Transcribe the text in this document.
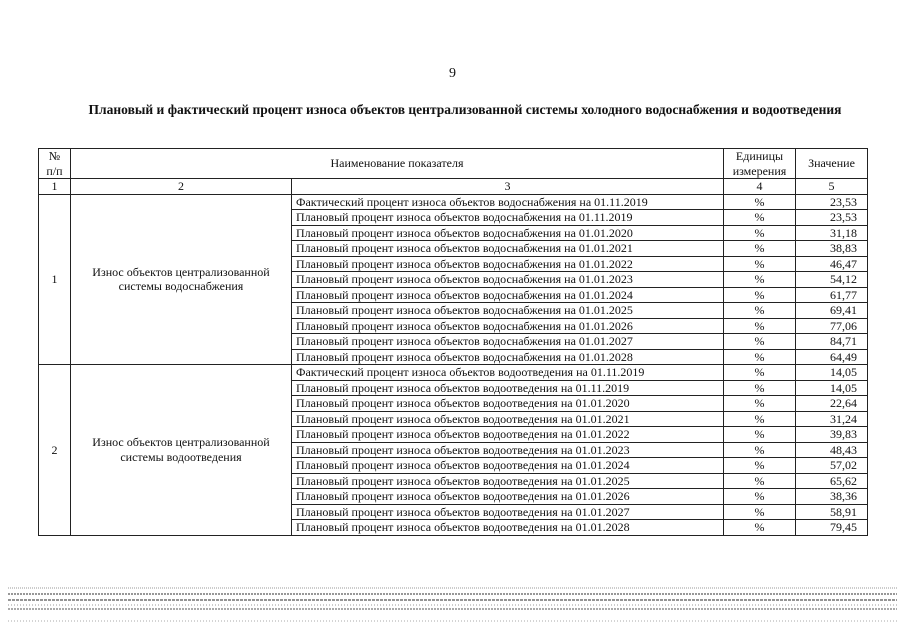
9
Плановый и фактический процент износа объектов централизованной системы холодного водоснабжения и водоотведения
№ п/п	Наименование показателя		Единицы измерения	Значение
1	2	3	4	5
1	Износ объектов централизованной системы водоснабжения	Фактический процент износа объектов водоснабжения на 01.11.2019	%	23,53
		Плановый процент износа объектов водоснабжения на 01.11.2019	%	23,53
		Плановый процент износа объектов водоснабжения на 01.01.2020	%	31,18
		Плановый процент износа объектов водоснабжения на 01.01.2021	%	38,83
		Плановый процент износа объектов водоснабжения на 01.01.2022	%	46,47
		Плановый процент износа объектов водоснабжения на 01.01.2023	%	54,12
		Плановый процент износа объектов водоснабжения на 01.01.2024	%	61,77
		Плановый процент износа объектов водоснабжения на 01.01.2025	%	69,41
		Плановый процент износа объектов водоснабжения на 01.01.2026	%	77,06
		Плановый процент износа объектов водоснабжения на 01.01.2027	%	84,71
		Плановый процент износа объектов водоснабжения на 01.01.2028	%	64,49
2	Износ объектов централизованной системы водоотведения	Фактический процент износа объектов водоотведения на 01.11.2019	%	14,05
		Плановый процент износа объектов водоотведения на 01.11.2019	%	14,05
		Плановый процент износа объектов водоотведения на 01.01.2020	%	22,64
		Плановый процент износа объектов водоотведения на 01.01.2021	%	31,24
		Плановый процент износа объектов водоотведения на 01.01.2022	%	39,83
		Плановый процент износа объектов водоотведения на 01.01.2023	%	48,43
		Плановый процент износа объектов водоотведения на 01.01.2024	%	57,02
		Плановый процент износа объектов водоотведения на 01.01.2025	%	65,62
		Плановый процент износа объектов водоотведения на 01.01.2026	%	38,36
		Плановый процент износа объектов водоотведения на 01.01.2027	%	58,91
		Плановый процент износа объектов водоотведения на 01.01.2028	%	79,45
